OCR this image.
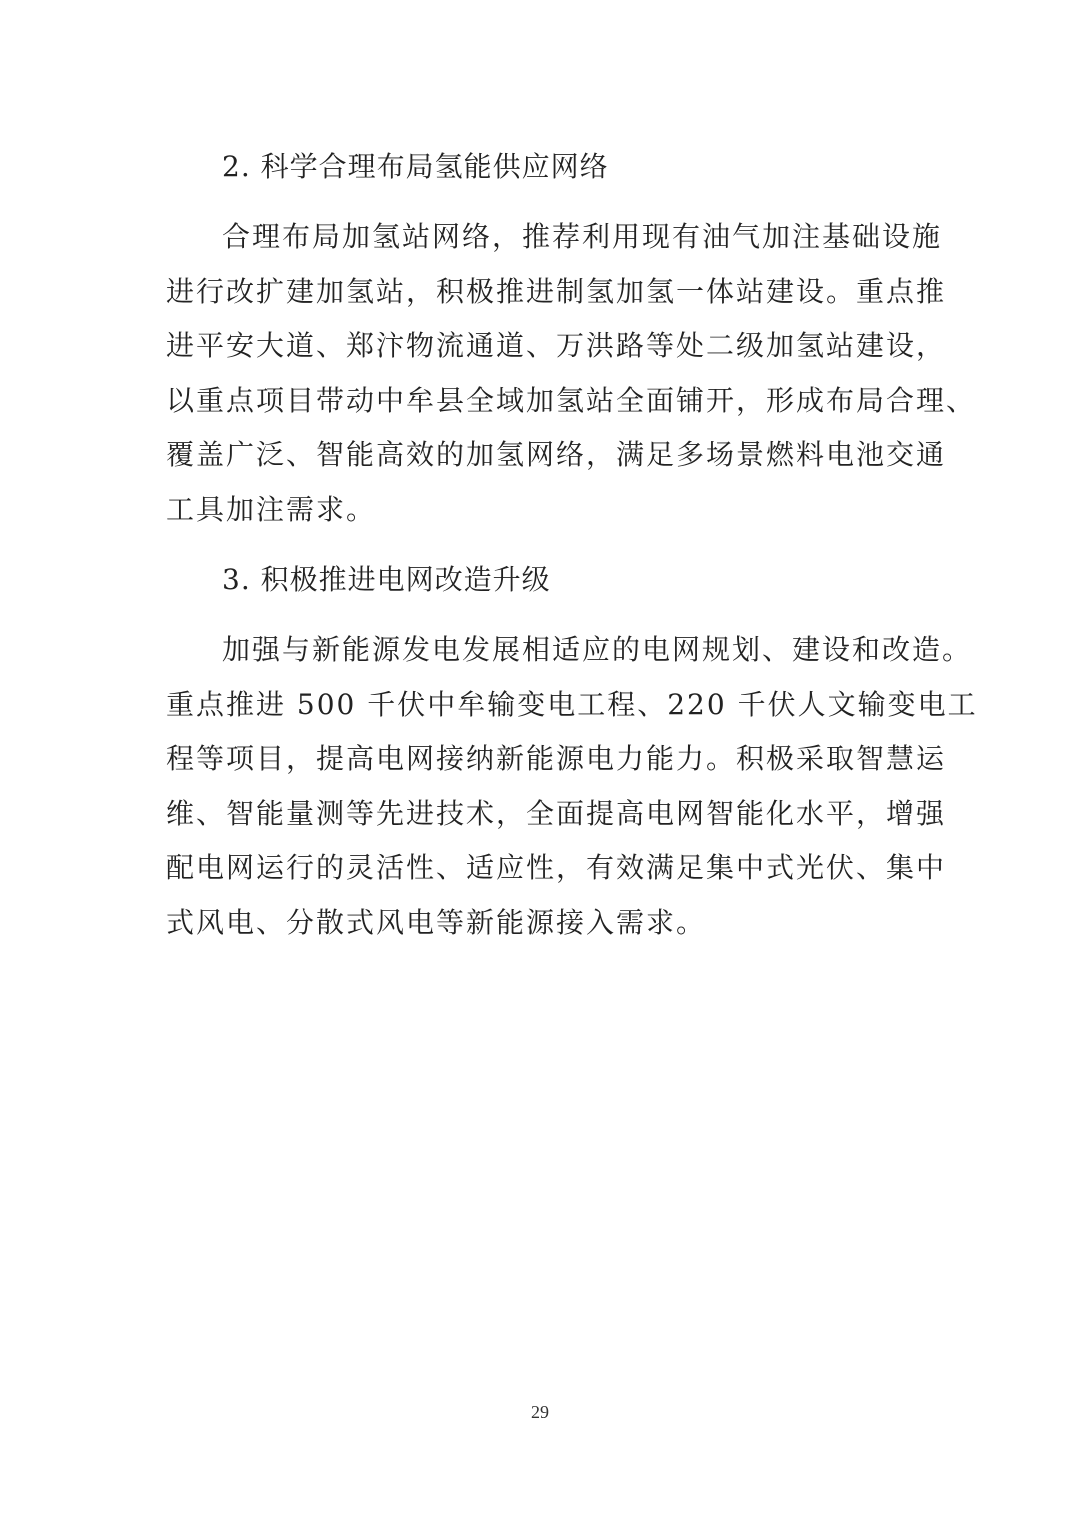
2. 科学合理布局氢能供应网络
合理布局加氢站网络，推荐利用现有油气加注基础设施
进行改扩建加氢站，积极推进制氢加氢一体站建设。重点推
进平安大道、郑汴物流通道、万洪路等处二级加氢站建设，
以重点项目带动中牟县全域加氢站全面铺开，形成布局合理、
覆盖广泛、智能高效的加氢网络，满足多场景燃料电池交通
工具加注需求。
3. 积极推进电网改造升级
加强与新能源发电发展相适应的电网规划、建设和改造。
重点推进 500 千伏中牟输变电工程、220 千伏人文输变电工
程等项目，提高电网接纳新能源电力能力。积极采取智慧运
维、智能量测等先进技术，全面提高电网智能化水平，增强
配电网运行的灵活性、适应性，有效满足集中式光伏、集中
式风电、分散式风电等新能源接入需求。
29
